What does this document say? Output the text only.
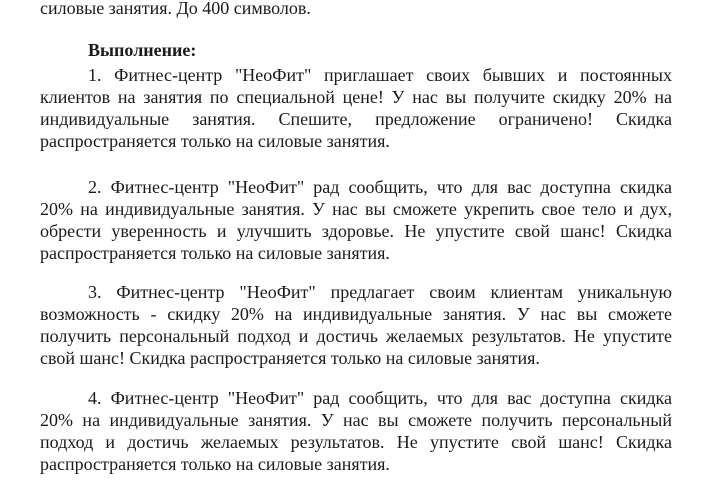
силовые занятия. До 400 символов.
Выполнение:
1. Фитнес-центр "НеоФит" приглашает своих бывших и постоянных
клиентов на занятия по специальной цене! У нас вы получите скидку 20% на
индивидуальные занятия. Спешите, предложение ограничено! Скидка
распространяется только на силовые занятия.
2. Фитнес-центр "НеоФит" рад сообщить, что для вас доступна скидка
20% на индивидуальные занятия. У нас вы сможете укрепить свое тело и дух,
обрести уверенность и улучшить здоровье. Не упустите свой шанс! Скидка
распространяется только на силовые занятия.
3. Фитнес-центр "НеоФит" предлагает своим клиентам уникальную
возможность - скидку 20% на индивидуальные занятия. У нас вы сможете
получить персональный подход и достичь желаемых результатов. Не упустите
свой шанс! Скидка распространяется только на силовые занятия.
4. Фитнес-центр "НеоФит" рад сообщить, что для вас доступна скидка
20% на индивидуальные занятия. У нас вы сможете получить персональный
подход и достичь желаемых результатов. Не упустите свой шанс! Скидка
распространяется только на силовые занятия.
